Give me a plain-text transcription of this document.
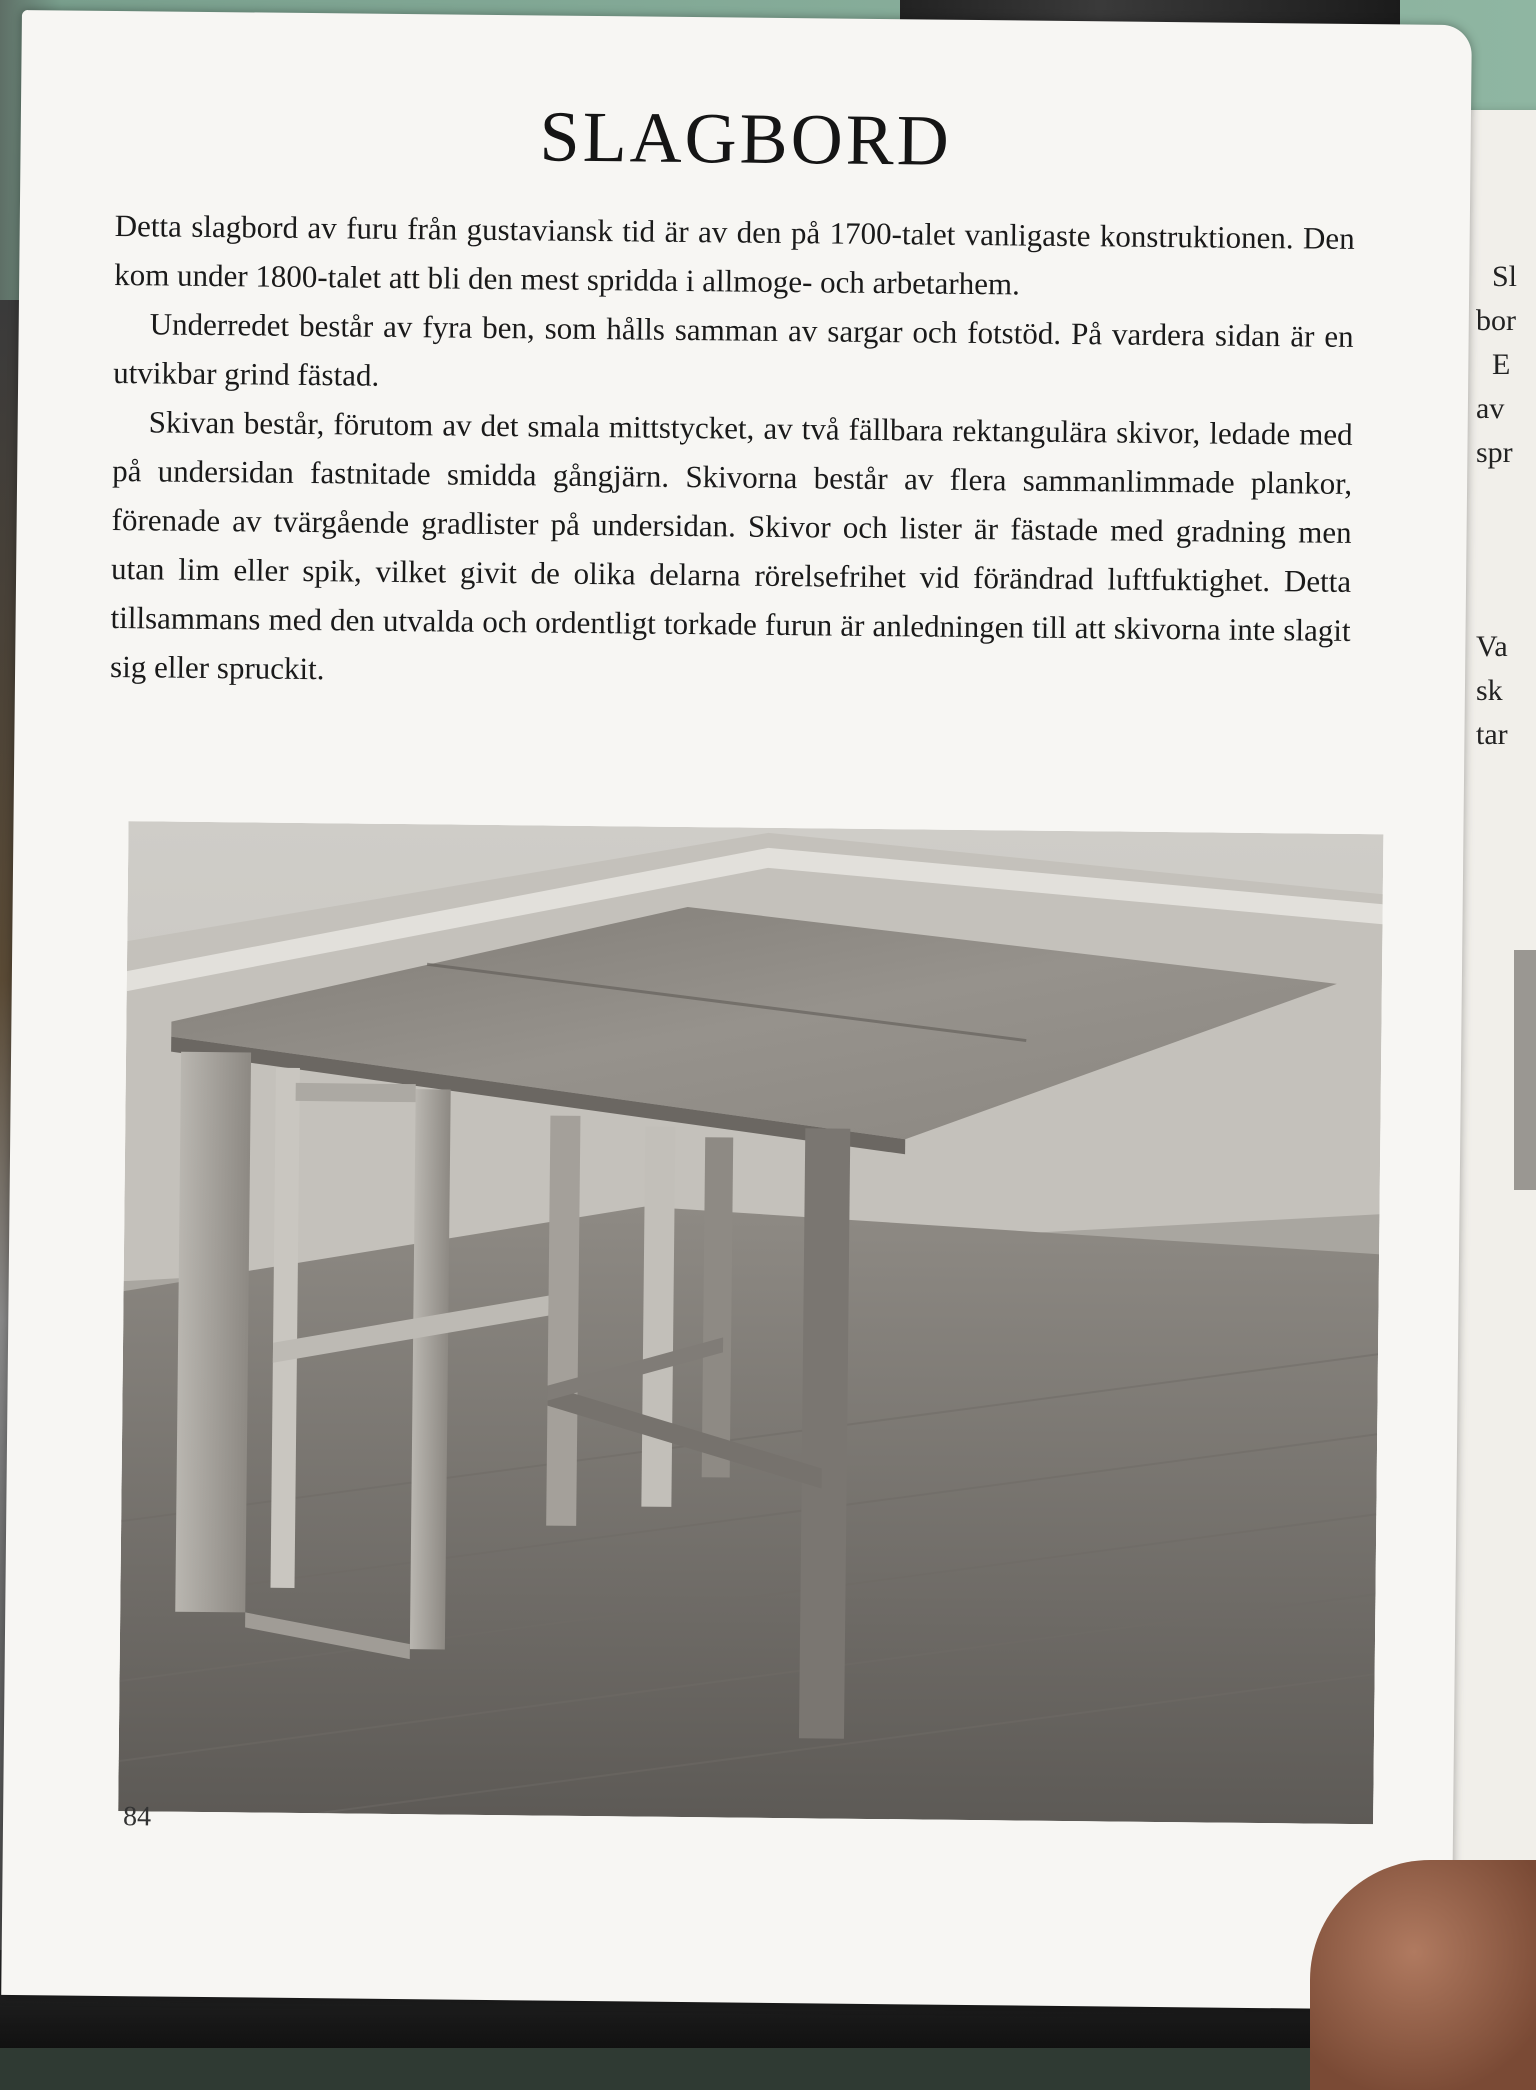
Sl
bor
E
av
spr
Va
sk
tar
SLAGBORD

Detta slagbord av furu från gustaviansk tid är av den på 1700-talet vanligaste konstruktionen. Den kom under 1800-talet att bli den mest spridda i allmoge- och arbetarhem.

Underredet består av fyra ben, som hålls samman av sargar och fotstöd. På vardera sidan är en utvikbar grind fästad.

Skivan består, förutom av det smala mittstycket, av två fällbara rektangulära skivor, ledade med på undersidan fastnitade smidda gångjärn. Skivorna består av flera sammanlimmade plankor, förenade av tvärgående gradlister på undersidan. Skivor och lister är fästade med gradning men utan lim eller spik, vilket givit de olika delarna rörelsefrihet vid förändrad luftfuktighet. Detta tillsammans med den utvalda och ordentligt torkade furun är anledningen till att skivorna inte slagit sig eller spruckit.

84
